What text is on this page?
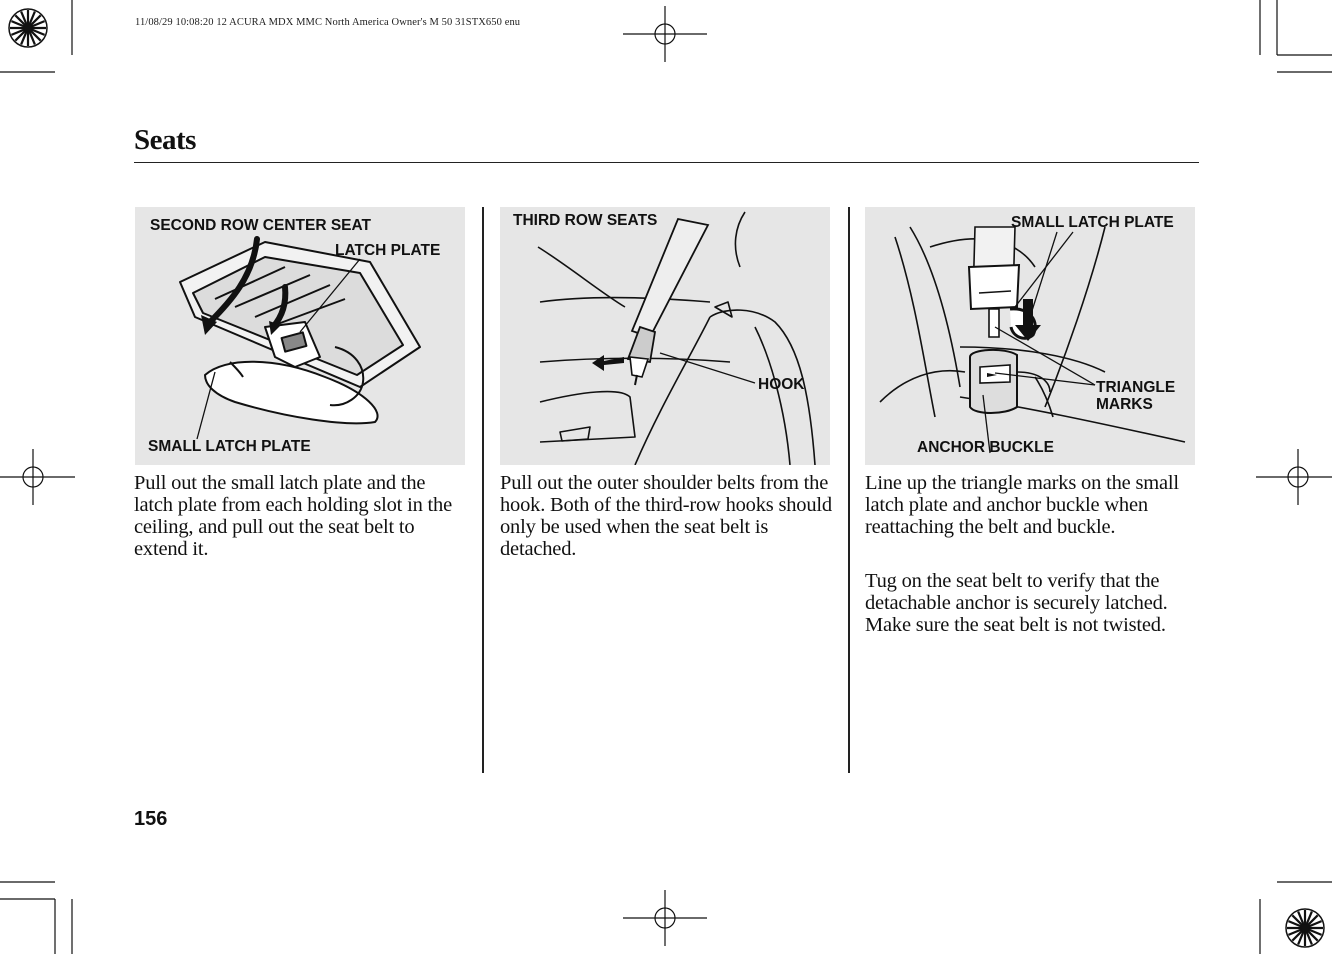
11/08/29 10:08:20 12 ACURA MDX MMC North America Owner's M 50 31STX650 enu
Seats
SECOND ROW CENTER SEAT
LATCH PLATE
SMALL LATCH PLATE

Pull out the small latch plate and the latch plate from each holding slot in the ceiling, and pull out the seat belt to extend it.

THIRD ROW SEATS
HOOK

Pull out the outer shoulder belts from the hook. Both of the third-row hooks should only be used when the seat belt is detached.

SMALL LATCH PLATE
TRIANGLE
MARKS
ANCHOR BUCKLE

Line up the triangle marks on the small latch plate and anchor buckle when reattaching the belt and buckle.

Tug on the seat belt to verify that the detachable anchor is securely latched. Make sure the seat belt is not twisted.

156
